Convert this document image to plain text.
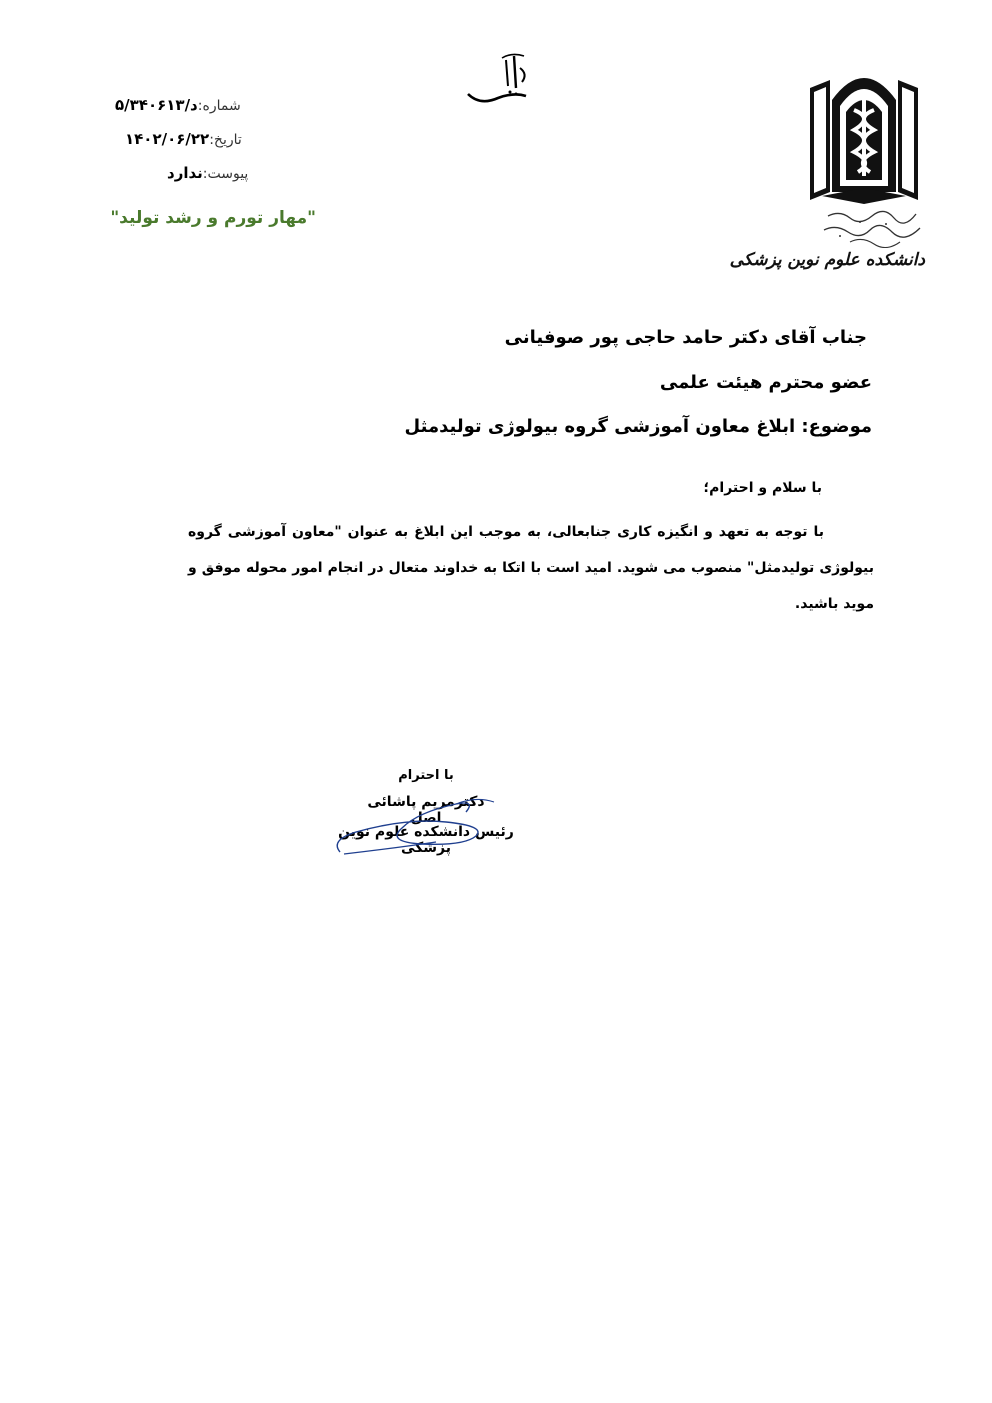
دانشکده علوم نوین پزشکی
۵/د/۳۴۰۶۱۳ شماره:
۱۴۰۲/۰۶/۲۲ تاریخ:
ندارد پیوست:
"مهار تورم و رشد تولید"
جناب آقای دکتر حامد حاجی پور صوفیانی
عضو محترم هیئت علمی
موضوع: ابلاغ معاون آموزشی گروه بیولوژی تولیدمثل
با سلام و احترام؛
با توجه به تعهد و انگیزه کاری جنابعالی، به موجب این ابلاغ به عنوان "معاون آموزشی گروه بیولوژی تولیدمثل" منصوب می شوید. امید است با اتکا به خداوند متعال در انجام امور محوله موفق و موید باشید.
با احترام
دکترمریم پاشائی اصل
رئیس دانشکده علوم نوین پزشکی
